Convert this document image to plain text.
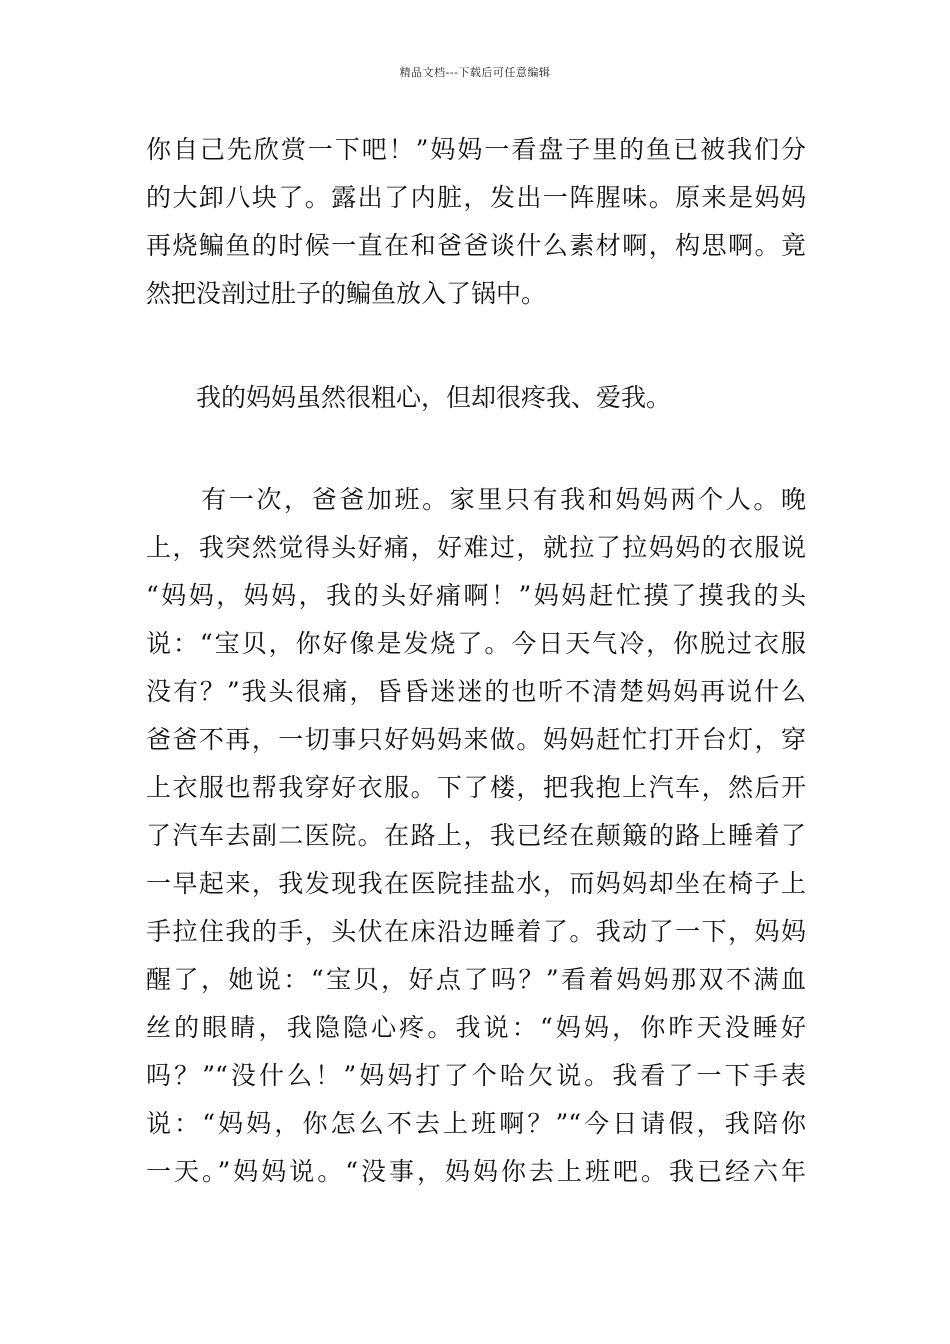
精品文档---下载后可任意编辑
你自己先欣赏一下吧！”妈妈一看盘子里的鱼已被我们分
的大卸八块了。露出了内脏，发出一阵腥味。原来是妈妈
再烧鳊鱼的时候一直在和爸爸谈什么素材啊，构思啊。竟
然把没剖过肚子的鳊鱼放入了锅中。
　　我的妈妈虽然很粗心，但却很疼我、爱我。
　　有一次，爸爸加班。家里只有我和妈妈两个人。晚
上，我突然觉得头好痛，好难过，就拉了拉妈妈的衣服说
“妈妈，妈妈，我的头好痛啊！”妈妈赶忙摸了摸我的头
说：“宝贝，你好像是发烧了。今日天气冷，你脱过衣服
没有？”我头很痛，昏昏迷迷的也听不清楚妈妈再说什么
爸爸不再，一切事只好妈妈来做。妈妈赶忙打开台灯，穿
上衣服也帮我穿好衣服。下了楼，把我抱上汽车，然后开
了汽车去副二医院。在路上，我已经在颠簸的路上睡着了
一早起来，我发现我在医院挂盐水，而妈妈却坐在椅子上
手拉住我的手，头伏在床沿边睡着了。我动了一下，妈妈
醒了，她说：“宝贝，好点了吗？”看着妈妈那双不满血
丝的眼睛，我隐隐心疼。我说：“妈妈，你昨天没睡好
吗？”“没什么！”妈妈打了个哈欠说。我看了一下手表
说：“妈妈，你怎么不去上班啊？”“今日请假，我陪你
一天。”妈妈说。“没事，妈妈你去上班吧。我已经六年
